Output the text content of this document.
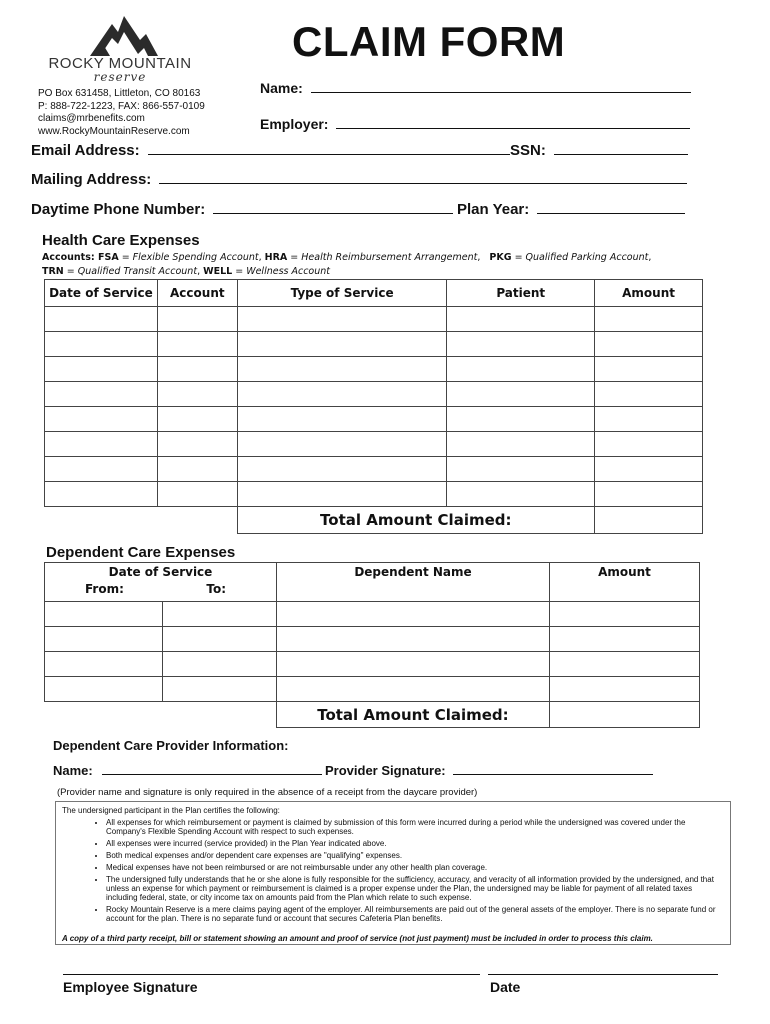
ROCKY MOUNTAIN
reserve
PO Box 631458, Littleton, CO 80163
P: 888-722-1223, FAX: 866-557-0109
claims@mrbenefits.com
www.RockyMountainReserve.com
CLAIM FORM
Name:
Employer:
Email Address:	SSN:
Mailing Address:
Daytime Phone Number:	Plan Year:
Health Care Expenses
Accounts: FSA = Flexible Spending Account, HRA = Health Reimbursement Arrangement,   PKG = Qualified Parking Account,
TRN = Qualified Transit Account, WELL = Wellness Account
Date of Service	Account	Type of Service	Patient	Amount

Total Amount Claimed:	
Dependent Care Expenses
Date of Service
From: To:		Dependent Name	Amount

Total Amount Claimed:	
Dependent Care Provider Information:
Name:	Provider Signature:
(Provider name and signature is only required in the absence of a receipt from the daycare provider)
The undersigned participant in the Plan certifies the following:
• All expenses for which reimbursement or payment is claimed by submission of this form were incurred during a period while the undersigned was covered under the Company's Flexible Spending Account with respect to such expenses.
• All expenses were incurred (service provided) in the Plan Year indicated above.
• Both medical expenses and/or dependent care expenses are "qualifying" expenses.
• Medical expenses have not been reimbursed or are not reimbursable under any other health plan coverage.
• The undersigned fully understands that he or she alone is fully responsible for the sufficiency, accuracy, and veracity of all information provided by the undersigned, and that unless an expense for which payment or reimbursement is claimed is a proper expense under the Plan, the undersigned may be liable for payment of all related taxes including federal, state, or city income tax on amounts paid from the Plan which relate to such expense.
• Rocky Mountain Reserve is a mere claims paying agent of the employer. All reimbursements are paid out of the general assets of the employer. There is no separate fund or account for the plan. There is no separate fund or account that secures Cafeteria Plan benefits.
A copy of a third party receipt, bill or statement showing an amount and proof of service (not just payment) must be included in order to process this claim.
Employee Signature	Date
